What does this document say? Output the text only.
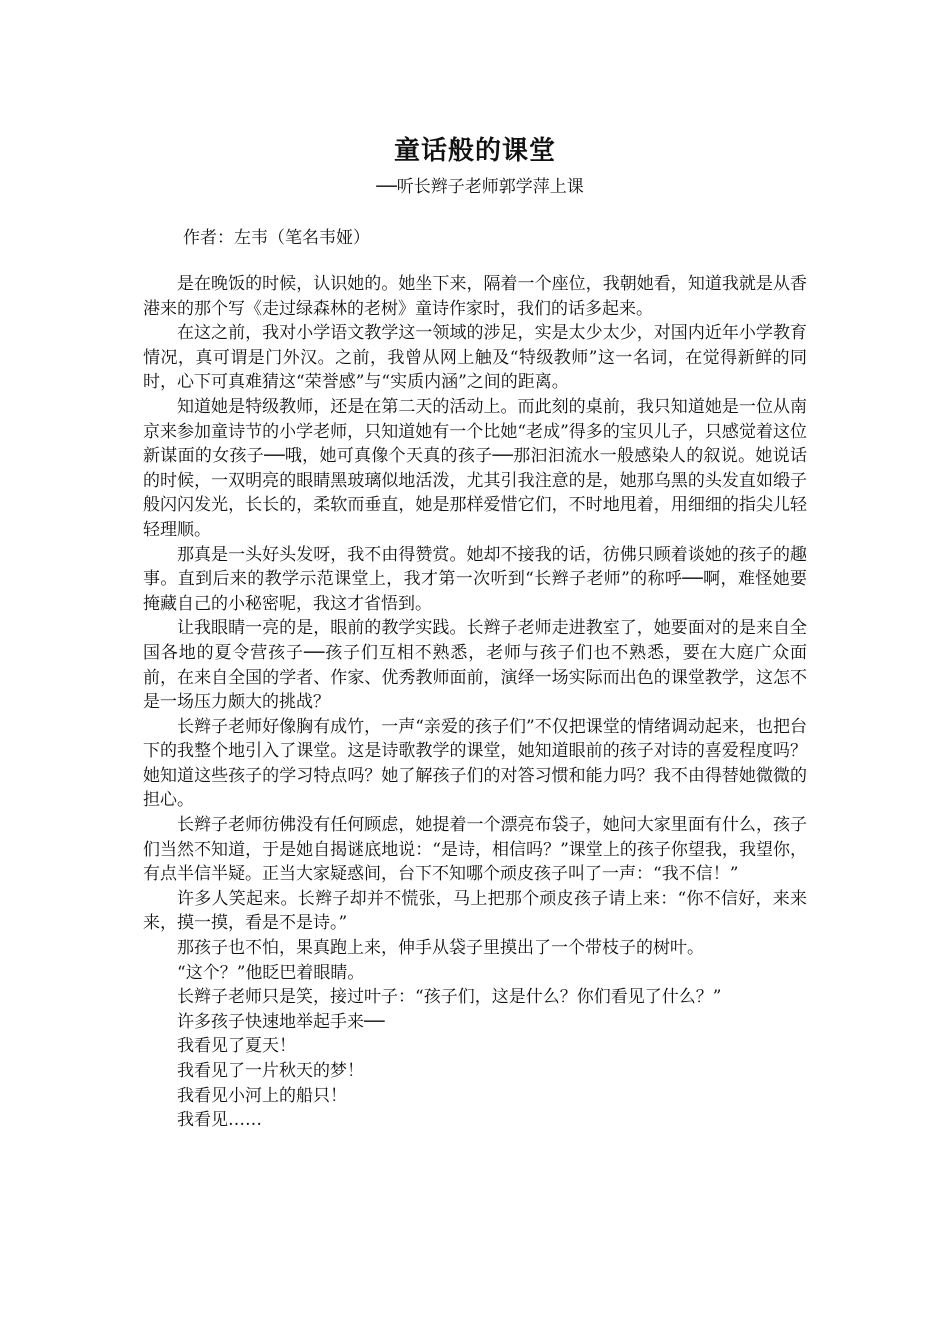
童话般的课堂
──听长辫子老师郭学萍上课
作者：左韦（笔名韦娅）

是在晚饭的时候，认识她的。她坐下来，隔着一个座位，我朝她看，知道我就是从香港来的那个写《走过绿森林的老树》童诗作家时，我们的话多起来。

在这之前，我对小学语文教学这一领域的涉足，实是太少太少，对国内近年小学教育情况，真可谓是门外汉。之前，我曾从网上触及“特级教师”这一名词，在觉得新鲜的同时，心下可真难猜这“荣誉感”与“实质内涵”之间的距离。

知道她是特级教师，还是在第二天的活动上。而此刻的桌前，我只知道她是一位从南京来参加童诗节的小学老师，只知道她有一个比她“老成”得多的宝贝儿子，只感觉着这位新谋面的女孩子──哦，她可真像个天真的孩子──那汩汩流水一般感染人的叙说。她说话的时候，一双明亮的眼睛黑玻璃似地活泼，尤其引我注意的是，她那乌黑的头发直如缎子般闪闪发光，长长的，柔软而垂直，她是那样爱惜它们，不时地甩着，用细细的指尖儿轻轻理顺。

那真是一头好头发呀，我不由得赞赏。她却不接我的话，彷佛只顾着谈她的孩子的趣事。直到后来的教学示范课堂上，我才第一次听到“长辫子老师”的称呼──啊，难怪她要掩藏自己的小秘密呢，我这才省悟到。

让我眼睛一亮的是，眼前的教学实践。长辫子老师走进教室了，她要面对的是来自全国各地的夏令营孩子──孩子们互相不熟悉，老师与孩子们也不熟悉，要在大庭广众面前，在来自全国的学者、作家、优秀教师面前，演绎一场实际而出色的课堂教学，这怎不是一场压力颇大的挑战？

长辫子老师好像胸有成竹，一声“亲爱的孩子们”不仅把课堂的情绪调动起来，也把台下的我整个地引入了课堂。这是诗歌教学的课堂，她知道眼前的孩子对诗的喜爱程度吗？她知道这些孩子的学习特点吗？她了解孩子们的对答习惯和能力吗？我不由得替她微微的担心。

长辫子老师彷佛没有任何顾虑，她提着一个漂亮布袋子，她问大家里面有什么，孩子们当然不知道，于是她自揭谜底地说：“是诗，相信吗？”课堂上的孩子你望我，我望你，有点半信半疑。正当大家疑惑间，台下不知哪个顽皮孩子叫了一声：“我不信！”

许多人笑起来。长辫子却并不慌张，马上把那个顽皮孩子请上来：“你不信好，来来来，摸一摸，看是不是诗。”

那孩子也不怕，果真跑上来，伸手从袋子里摸出了一个带枝子的树叶。

“这个？”他眨巴着眼睛。

长辫子老师只是笑，接过叶子：“孩子们，这是什么？你们看见了什么？”

许多孩子快速地举起手来──

我看见了夏天！

我看见了一片秋天的梦！

我看见小河上的船只！

我看见……
